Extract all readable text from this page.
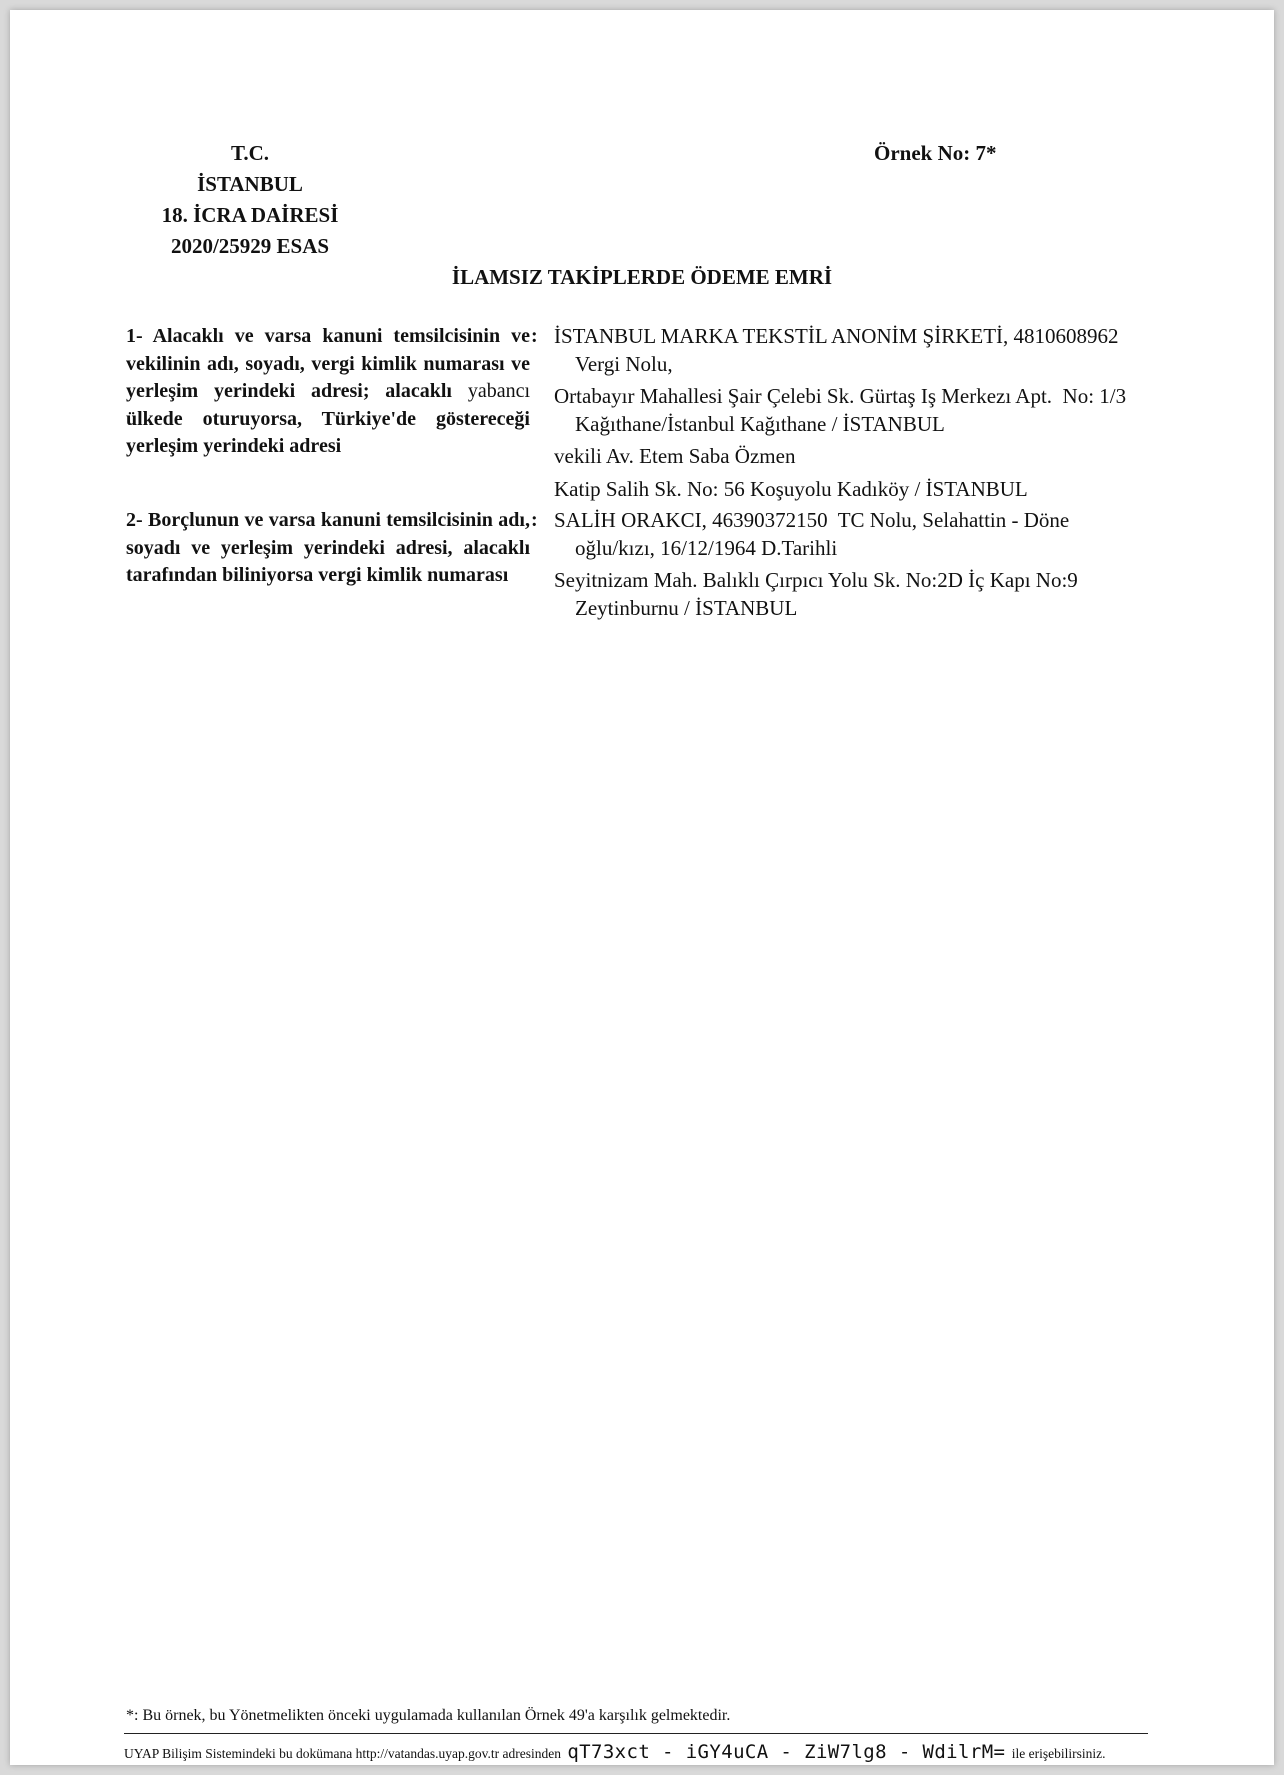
T.C.
İSTANBUL
18. İCRA DAİRESİ
2020/25929 ESAS
Örnek No: 7*
İLAMSIZ TAKİPLERDE ÖDEME EMRİ
1- Alacaklı ve varsa kanuni temsilcisinin ve vekilinin adı, soyadı, vergi kimlik numarası ve yerleşim yerindeki adresi; alacaklı yabancı ülkede oturuyorsa, Türkiye'de göstereceği yerleşim yerindeki adresi
: İSTANBUL MARKA TEKSTİL ANONİM ŞİRKETİ, 4810608962  Vergi Nolu,
Ortabayır Mahallesi Şair Çelebi Sk. Gürtaş Iş Merkezı Apt.  No: 1/3  Kağıthane/İstanbul Kağıthane / İSTANBUL
vekili Av. Etem Saba Özmen
Katip Salih Sk. No: 56 Koşuyolu Kadıköy / İSTANBUL
2- Borçlunun ve varsa kanuni temsilcisinin adı, soyadı ve yerleşim yerindeki adresi, alacaklı tarafından biliniyorsa vergi kimlik numarası
: SALİH ORAKCI, 46390372150  TC Nolu, Selahattin - Döne oğlu/kızı, 16/12/1964 D.Tarihli
Seyitnizam Mah. Balıklı Çırpıcı Yolu Sk. No:2D İç Kapı No:9 Zeytinburnu / İSTANBUL
*: Bu örnek, bu Yönetmelikten önceki uygulamada kullanılan Örnek 49'a karşılık gelmektedir.
UYAP Bilişim Sistemindeki bu dokümana http://vatandas.uyap.gov.tr adresinden qT73xct - iGY4uCA - ZiW7lg8 - WdilrM= ile erişebilirsiniz.
